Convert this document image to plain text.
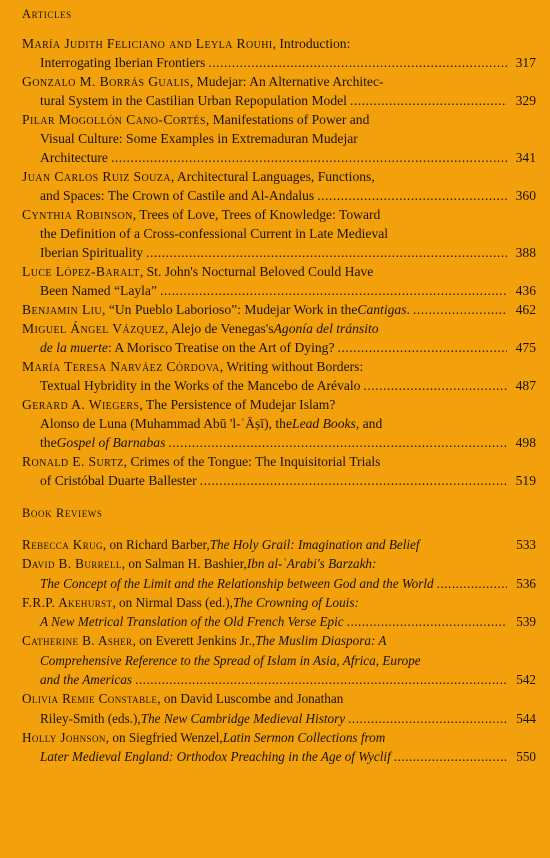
Articles
María Judith Feliciano and Leyla Rouhi , Introduction:
Interrogating Iberian Frontiers .....	317
Gonzalo M. Borrás Gualis , Mudejar: An Alternative Architec-
tural System in the Castilian Urban Repopulation Model .....	329
Pilar Mogollón Cano-Cortés , Manifestations of Power and
Visual Culture: Some Examples in Extremaduran Mudejar
Architecture .....	341
Juan Carlos Ruiz Souza , Architectural Languages, Functions,
and Spaces: The Crown of Castile and Al-Andalus .....	360
Cynthia Robinson , Trees of Love, Trees of Knowledge: Toward
the Definition of a Cross-confessional Current in Late Medieval
Iberian Spirituality .....	388
Luce López-Baralt , St. John's Nocturnal Beloved Could Have
Been Named “Layla” .....	436
Benjamin Liu , “Un Pueblo Laborioso”: Mudejar Work in the Cantigas . .....	462
Miguel Ángel Vázquez , Alejo de Venegas's Agonía del tránsito
de la muerte : A Morisco Treatise on the Art of Dying? .....	475
María Teresa Narváez Córdova , Writing without Borders:
Textual Hybridity in the Works of the Mancebo de Arévalo .....	487
Gerard A. Wiegers , The Persistence of Mudejar Islam?
Alonso de Luna (Muhammad Abū 'l-ʿĀṣī), the Lead Books , and
the Gospel of Barnabas .....	498
Ronald E. Surtz , Crimes of the Tongue: The Inquisitorial Trials
of Cristóbal Duarte Ballester .....	519
Book Reviews
Rebecca Krug , on Richard Barber, The Holy Grail: Imagination and Belief	533
David B. Burrell , on Salman H. Bashier, Ibn al-ʿArabi's Barzakh:
The Concept of the Limit and the Relationship between God and the World .....	536
F.R.P. Akehurst , on Nirmal Dass (ed.), The Crowning of Louis:
A New Metrical Translation of the Old French Verse Epic .....	539
Catherine B. Asher , on Everett Jenkins Jr., The Muslim Diaspora: A
Comprehensive Reference to the Spread of Islam in Asia, Africa, Europe
and the Americas .....	542
Olivia Remie Constable , on David Luscombe and Jonathan
Riley-Smith (eds.), The New Cambridge Medieval History .....	544
Holly Johnson , on Siegfried Wenzel, Latin Sermon Collections from
Later Medieval England: Orthodox Preaching in the Age of Wyclif .....	550
